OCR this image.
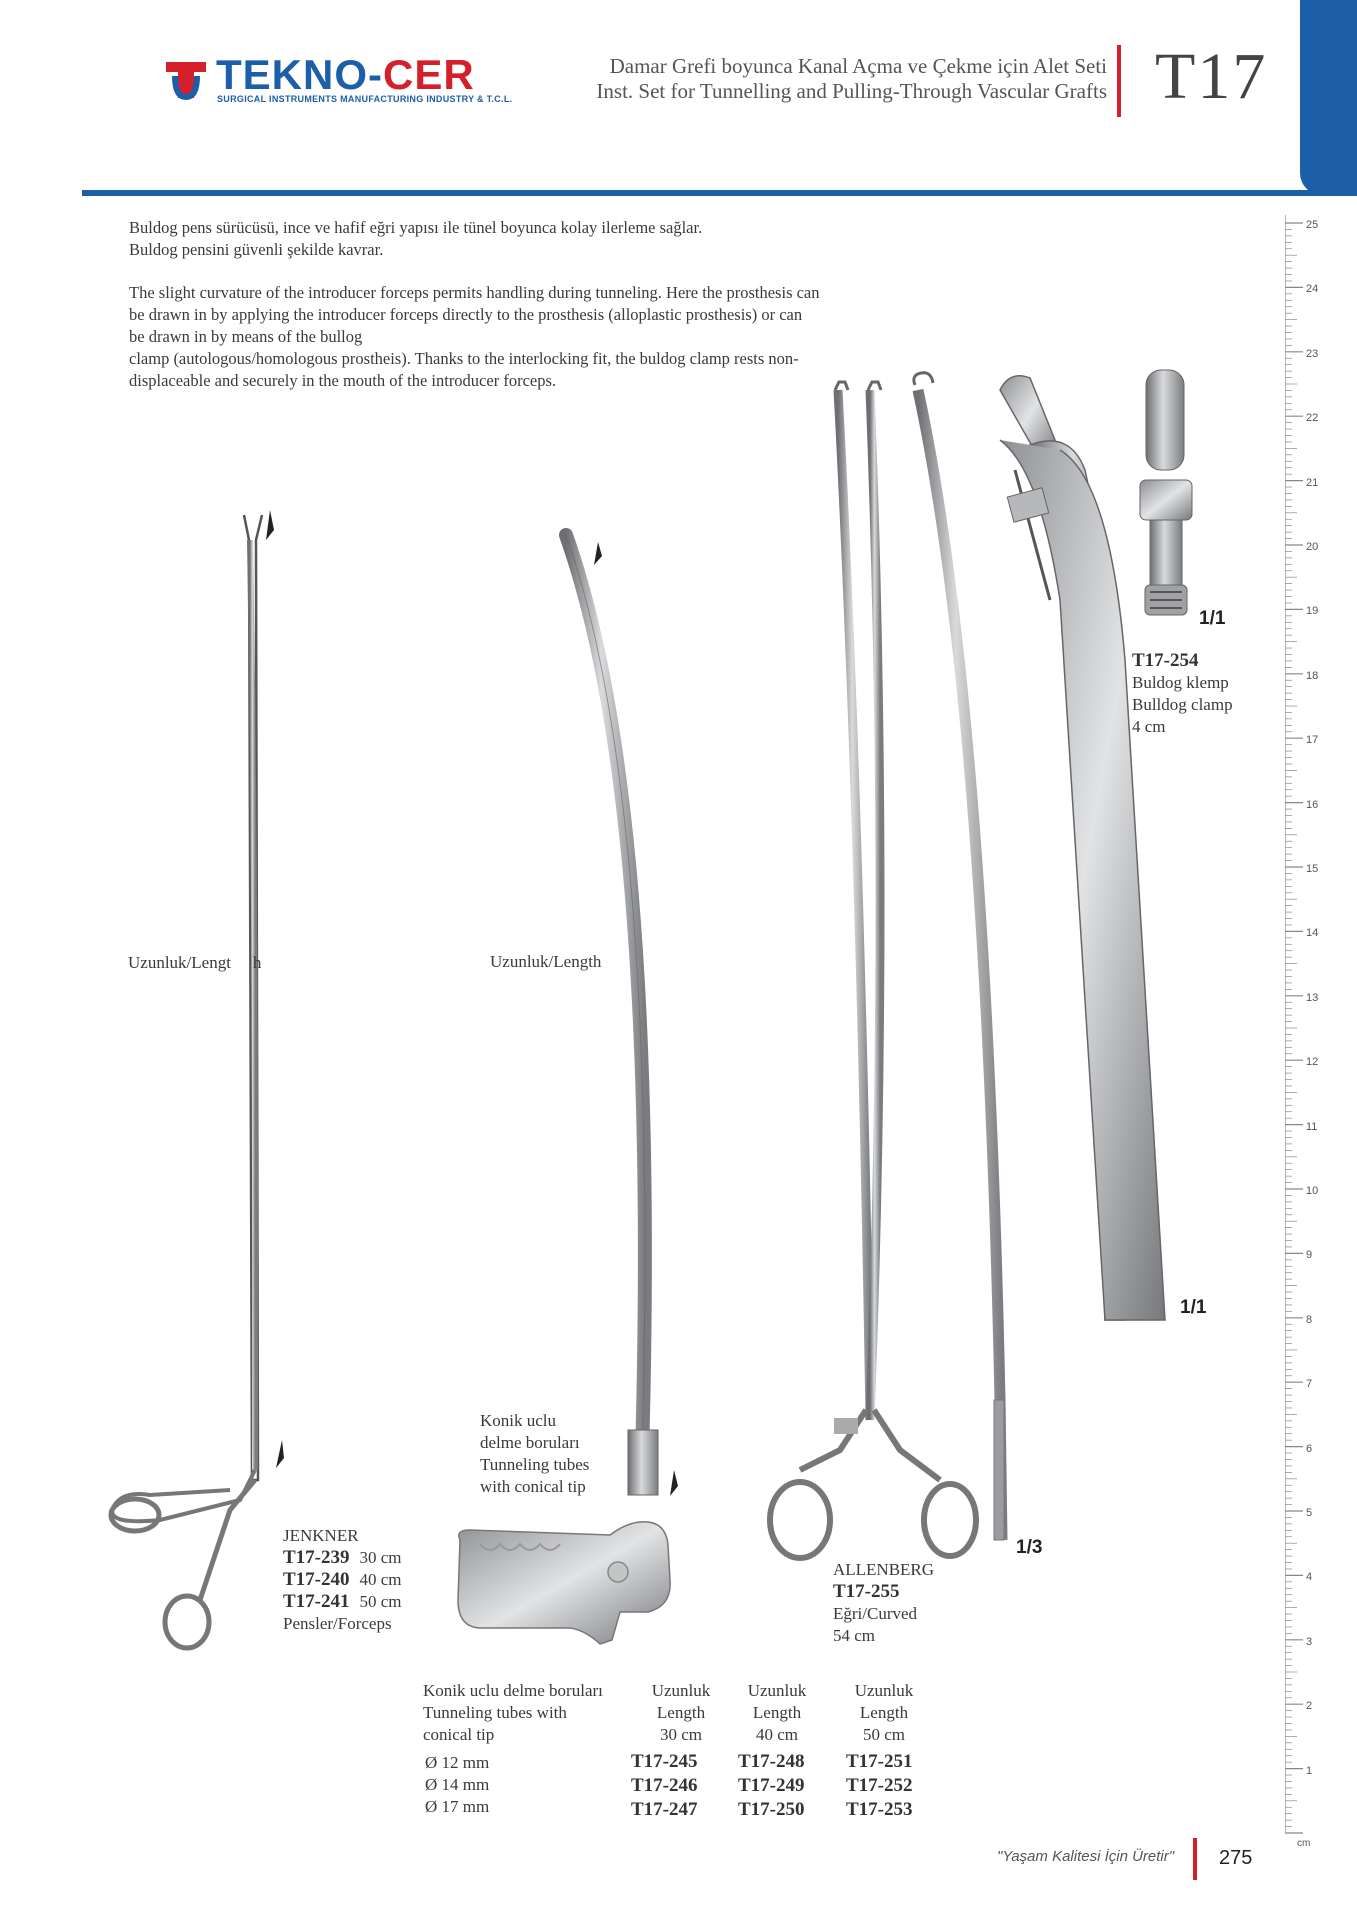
TEKNO-CER
SURGICAL INSTRUMENTS MANUFACTURING INDUSTRY & T.C.L.
Damar Grefi boyunca Kanal Açma ve Çekme için Alet Seti
Inst. Set for Tunnelling and Pulling-Through Vascular Grafts T17
Buldog pens sürücüsü, ince ve hafif eğri yapısı ile tünel boyunca kolay ilerleme sağlar.
Buldog pensini güvenli şekilde kavrar.
The slight curvature of the introducer forceps permits handling during tunneling. Here the prosthesis can
be drawn in by applying the introducer forceps directly to the prosthesis (alloplastic prosthesis) or can
be drawn in by means of the bullog
clamp (autologous/homologous prostheis). Thanks to the interlocking fit, the buldog clamp rests non-
displaceable and securely in the mouth of the introducer forceps.
1/1
1/1
1/3
T17-254
Buldog klemp
Bulldog clamp
4 cm
Uzunluk/Lengt h	Uzunluk/Length
Konik uclu
delme boruları
Tunneling tubes
with conical tip
JENKNER
T17-239 30 cm
T17-240 40 cm
T17-241 50 cm
Pensler/Forceps
ALLENBERG
T17-255
Eğri/Curved
54 cm
Konik uclu delme boruları
Tunneling tubes with
conical tip
Uzunluk
Length
30 cm
Uzunluk
Length
40 cm
Uzunluk
Length
50 cm
Ø 12 mm
Ø 14 mm
Ø 17 mm
T17-245
T17-246
T17-247
T17-248
T17-249
T17-250
T17-251
T17-252
T17-253
25
24
23
22
21
20
19
18
17
16
15
14
13
12
11
10
9
8
7
6
5
4
3
2
1
cm
"Yaşam Kalitesi İçin Üretir" 275
